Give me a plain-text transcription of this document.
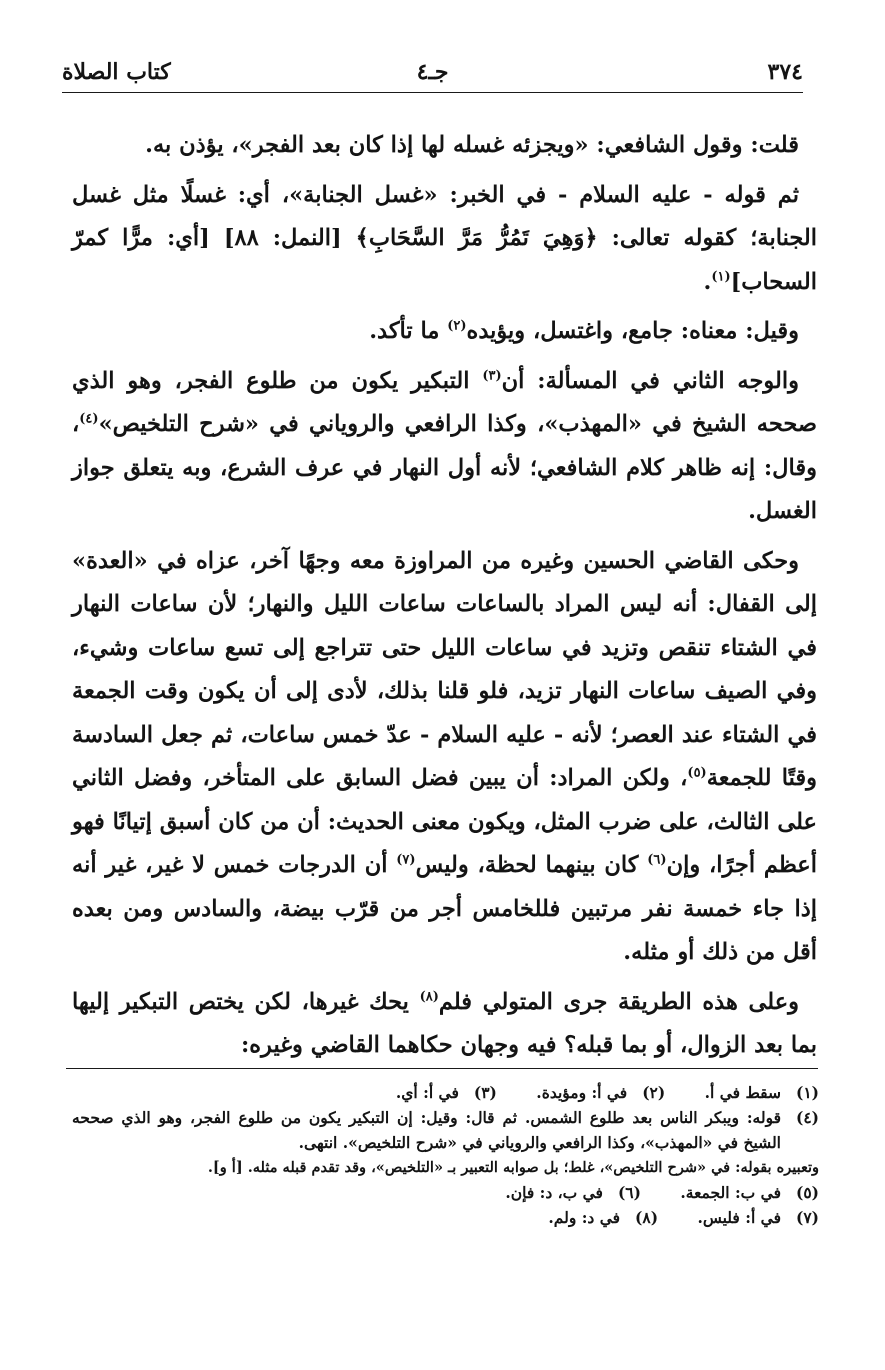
٣٧٤
جـ٤
كتاب الصلاة

قلت: وقول الشافعي: «ويجزئه غسله لها إذا كان بعد الفجر»، يؤذن به.

ثم قوله - عليه السلام - في الخبر: «غسل الجنابة»، أي: غسلًا مثل غسل الجنابة؛ كقوله تعالى: ﴿وَهِيَ تَمُرُّ مَرَّ السَّحَابِ﴾ [النمل: ٨٨] [أي: مرًّا كمرّ السحاب]$^{(١)}$.

وقيل: معناه: جامع، واغتسل، ويؤيده$^{(٢)}$ ما تأكد.

والوجه الثاني في المسألة: أن$^{(٣)}$ التبكير يكون من طلوع الفجر، وهو الذي صححه الشيخ في «المهذب»، وكذا الرافعي والروياني في «شرح التلخيص»$^{(٤)}$، وقال: إنه ظاهر كلام الشافعي؛ لأنه أول النهار في عرف الشرع، وبه يتعلق جواز الغسل.

وحكى القاضي الحسين وغيره من المراوزة معه وجهًا آخر، عزاه في «العدة» إلى القفال: أنه ليس المراد بالساعات ساعات الليل والنهار؛ لأن ساعات النهار في الشتاء تنقص وتزيد في ساعات الليل حتى تتراجع إلى تسع ساعات وشيء، وفي الصيف ساعات النهار تزيد، فلو قلنا بذلك، لأدى إلى أن يكون وقت الجمعة في الشتاء عند العصر؛ لأنه - عليه السلام - عدّ خمس ساعات، ثم جعل السادسة وقتًا للجمعة$^{(٥)}$، ولكن المراد: أن يبين فضل السابق على المتأخر، وفضل الثاني على الثالث، على ضرب المثل، ويكون معنى الحديث: أن من كان أسبق إتيانًا فهو أعظم أجرًا، وإن$^{(٦)}$ كان بينهما لحظة، وليس$^{(٧)}$ أن الدرجات خمس لا غير، غير أنه إذا جاء خمسة نفر مرتبين فللخامس أجر من قرّب بيضة، والسادس ومن بعده أقل من ذلك أو مثله.

وعلى هذه الطريقة جرى المتولي فلم$^{(٨)}$ يحك غيرها، لكن يختص التبكير إليها بما بعد الزوال، أو بما قبله؟ فيه وجهان حكاهما القاضي وغيره:

(١)سقط في أ. (٢)في أ: ومؤيدة. (٣)في أ: أي.
(٤)قوله: ويبكر الناس بعد طلوع الشمس. ثم قال: وقيل: إن التبكير يكون من طلوع الفجر، وهو الذي صححه الشيخ في «المهذب»، وكذا الرافعي والروياني في «شرح التلخيص». انتهى.
وتعبيره بقوله: في «شرح التلخيص»، غلط؛ بل صوابه التعبير بـ «التلخيص»، وقد تقدم قبله مثله. [أ و].
(٥)في ب: الجمعة. (٦)في ب، د: فإن.
(٧)في أ: فليس. (٨)في د: ولم.
